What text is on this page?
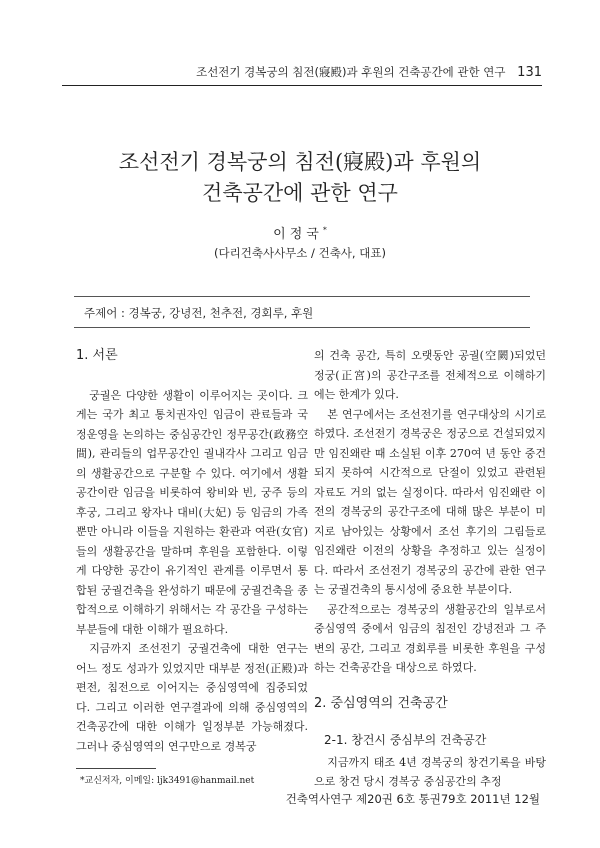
조선전기 경복궁의 침전(寢殿)과 후원의 건축공간에 관한 연구 131
조선전기 경복궁의 침전(寢殿)과 후원의
건축공간에 관한 연구
이정국*
(다리건축사사무소 / 건축사, 대표)
주제어 : 경복궁, 강녕전, 천추전, 경회루, 후원
1. 서론

궁궐은 다양한 생활이 이루어지는 곳이다. 크게는 국가 최고 통치권자인 임금이 관료들과 국정운영을 논의하는 중심공간인 정무공간(政務空間), 관리들의 업무공간인 궐내각사 그리고 임금의 생활공간으로 구분할 수 있다. 여기에서 생활공간이란 임금을 비롯하여 왕비와 빈, 궁주 등의 후궁, 그리고 왕자나 대비(大妃) 등 임금의 가족뿐만 아니라 이들을 지원하는 환관과 여관(女官)들의 생활공간을 말하며 후원을 포함한다. 이렇게 다양한 공간이 유기적인 관계를 이루면서 통합된 궁궐건축을 완성하기 때문에 궁궐건축을 종합적으로 이해하기 위해서는 각 공간을 구성하는 부분들에 대한 이해가 필요하다.

지금까지 조선전기 궁궐건축에 대한 연구는 어느 정도 성과가 있었지만 대부분 정전(正殿)과 편전, 침전으로 이어지는 중심영역에 집중되었다. 그리고 이러한 연구결과에 의해 중심영역의 건축공간에 대한 이해가 일정부분 가능해졌다. 그러나 중심영역의 연구만으로 경복궁

의 건축 공간, 특히 오랫동안 공궐(空闕)되었던 정궁(正宮)의 공간구조를 전체적으로 이해하기에는 한계가 있다.

본 연구에서는 조선전기를 연구대상의 시기로 하였다. 조선전기 경복궁은 정궁으로 건설되었지만 임진왜란 때 소실된 이후 270여 년 동안 중건되지 못하여 시간적으로 단절이 있었고 관련된 자료도 거의 없는 실정이다. 따라서 임진왜란 이전의 경복궁의 공간구조에 대해 많은 부분이 미지로 남아있는 상황에서 조선 후기의 그림들로 임진왜란 이전의 상황을 추정하고 있는 실정이다. 따라서 조선전기 경복궁의 공간에 관한 연구는 궁궐건축의 통시성에 중요한 부분이다.

공간적으로는 경복궁의 생활공간의 일부로서 중심영역 중에서 임금의 침전인 강녕전과 그 주변의 공간, 그리고 경회루를 비롯한 후원을 구성하는 건축공간을 대상으로 하였다.

2. 중심영역의 건축공간
2-1. 창건시 중심부의 건축공간

지금까지 태조 4년 경복궁의 창건기록을 바탕으로 창건 당시 경복궁 중심공간의 추정

*교신저자, 이메일: ljk3491@hanmail.net
건축역사연구 제20권 6호 통권79호 2011년 12월
